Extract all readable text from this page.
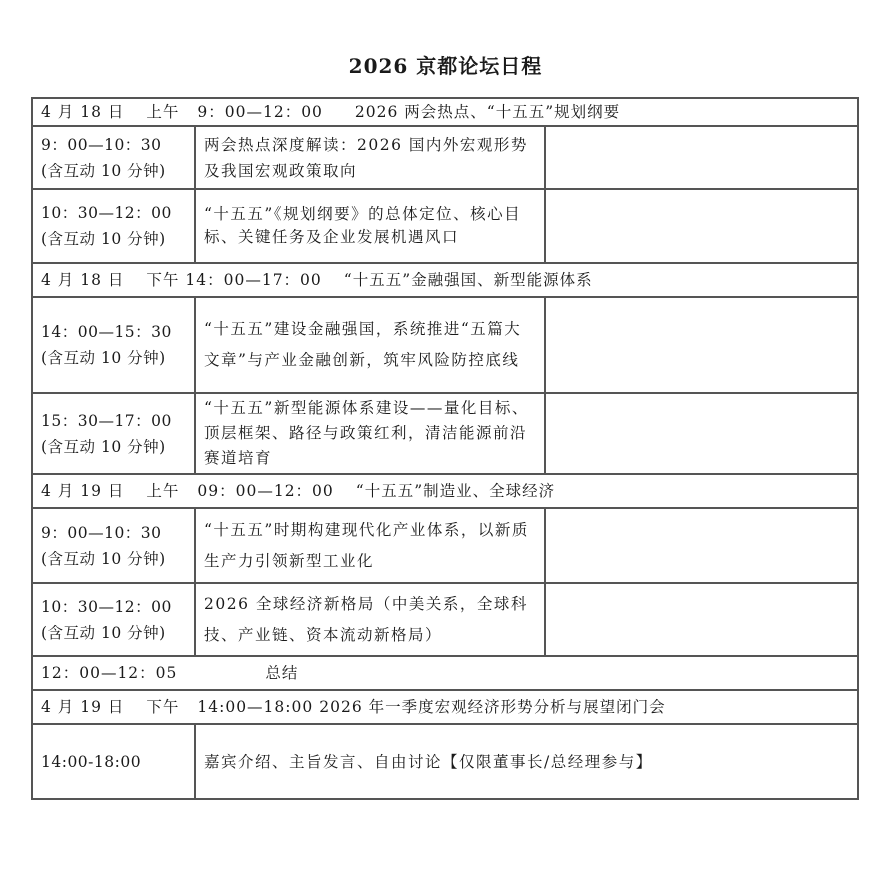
2026 京都论坛日程
4 月 18 日 上午 9：00—12：00 2026 两会热点、“十五五”规划纲要		

9：00—10：30
(含互动 10 分钟)	两会热点深度解读：2026 国内外宏观形势及我国宏观政策取向	

10：30—12：00
(含互动 10 分钟)	“十五五”《规划纲要》的总体定位、核心目标、关键任务及企业发展机遇风口	
4 月 18 日 下午 14：00—17：00 “十五五”金融强国、新型能源体系		

14：00—15：30
(含互动 10 分钟)	“十五五”建设金融强国，系统推进“五篇大文章”与产业金融创新，筑牢风险防控底线	

15：30—17：00
(含互动 10 分钟)	“十五五”新型能源体系建设——量化目标、顶层框架、路径与政策红利，清洁能源前沿赛道培育	
4 月 19 日 上午 09：00—12：00 “十五五”制造业、全球经济		

9：00—10：30
(含互动 10 分钟)	“十五五”时期构建现代化产业体系，以新质生产力引领新型工业化	

10：30—12：00
(含互动 10 分钟)	2026 全球经济新格局（中美关系，全球科技、产业链、资本流动新格局）	
12：00—12：05 总结		
4 月 19 日 下午 14:00—18:00 2026 年一季度宏观经济形势分析与展望闭门会		
14:00-18:00	嘉宾介绍、主旨发言、自由讨论【仅限董事长/总经理参与】	
